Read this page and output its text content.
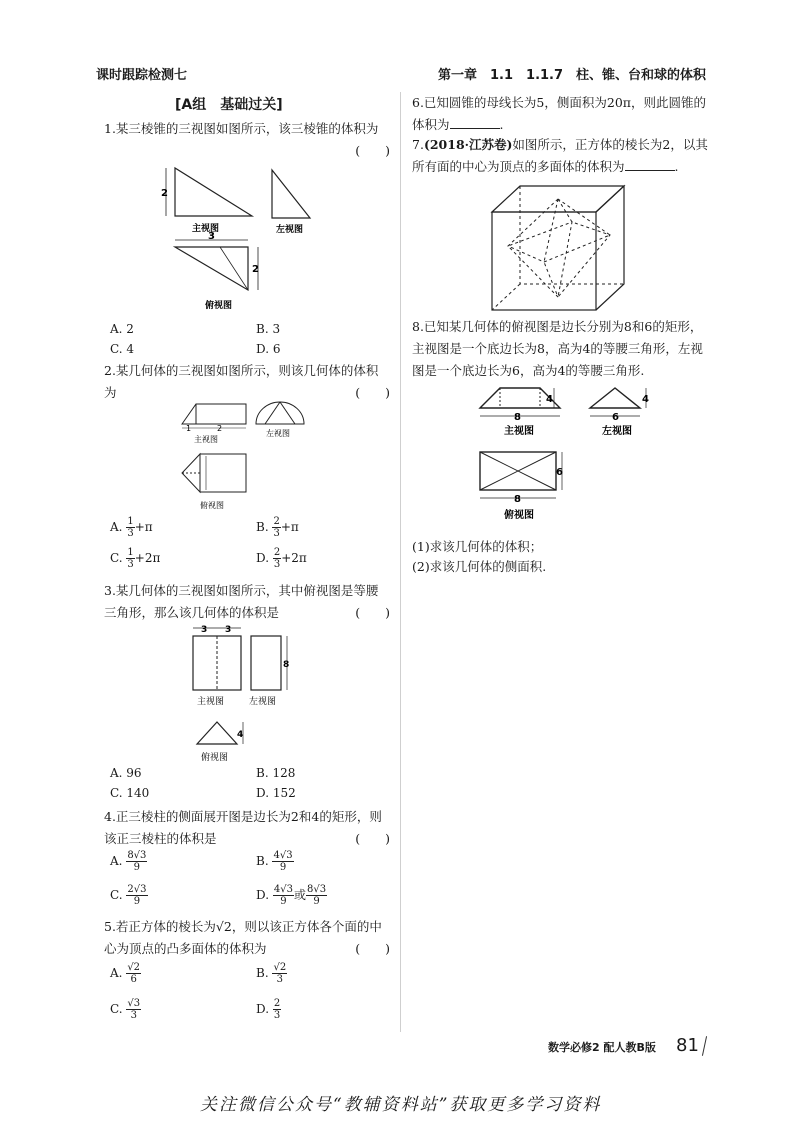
课时跟踪检测七	第一章　1.1　1.1.7　柱、锥、台和球的体积
[A组　基础过关]
1.某三棱锥的三视图如图所示，该三棱锥的体积为
(　　)
2
主视图
3
2
俯视图
左视图
A. 2	B. 3
C. 4	D. 6
2.某几何体的三视图如图所示，则该几何体的体积为	(　　)
1	2
主视图
左视图
俯视图
A. $\frac{1}{3} +\pi$	B. $\frac{2}{3} +\pi$
C. $\frac{1}{3} +2\pi$	D. $\frac{2}{3} +2\pi$
3.某几何体的三视图如图所示，其中俯视图是等腰三角形，那么该几何体的体积是	(　　)
3 3
主视图
8
左视图
4
俯视图
A. 96	B. 128
C. 140	D. 152
4.正三棱柱的侧面展开图是边长为2和4的矩形，则该正三棱柱的体积是	(　　)
A. $\frac{8√3}{9}$	B. $\frac{4√3}{9}$
C. $\frac{2√3}{9}$	D. $\frac{4√3}{9}$ 或 $\frac{8√3}{9}$
5.若正方体的棱长为√2，则以该正方体各个面的中心为顶点的凸多面体的体积为	(　　)
A. $\frac{√2}{6}$	B. $\frac{√2}{3}$
C. $\frac{√3}{3}$	D. $\frac{2}{3}$
6.已知圆锥的母线长为5，侧面积为20π，则此圆锥的体积为	.
7.(2018·江苏卷)如图所示，正方体的棱长为2，以其所有面的中心为顶点的多面体的体积为	.
8.已知某几何体的俯视图是边长分别为8和6的矩形，主视图是一个底边长为8，高为4的等腰三角形，左视图是一个底边长为6，高为4的等腰三角形.
4
8
主视图
4
6
左视图
6
8
俯视图
(1)求该几何体的体积；
(2)求该几何体的侧面积.
数学必修2 配人教B版 81
关注微信公众号“教辅资料站”获取更多学习资料
